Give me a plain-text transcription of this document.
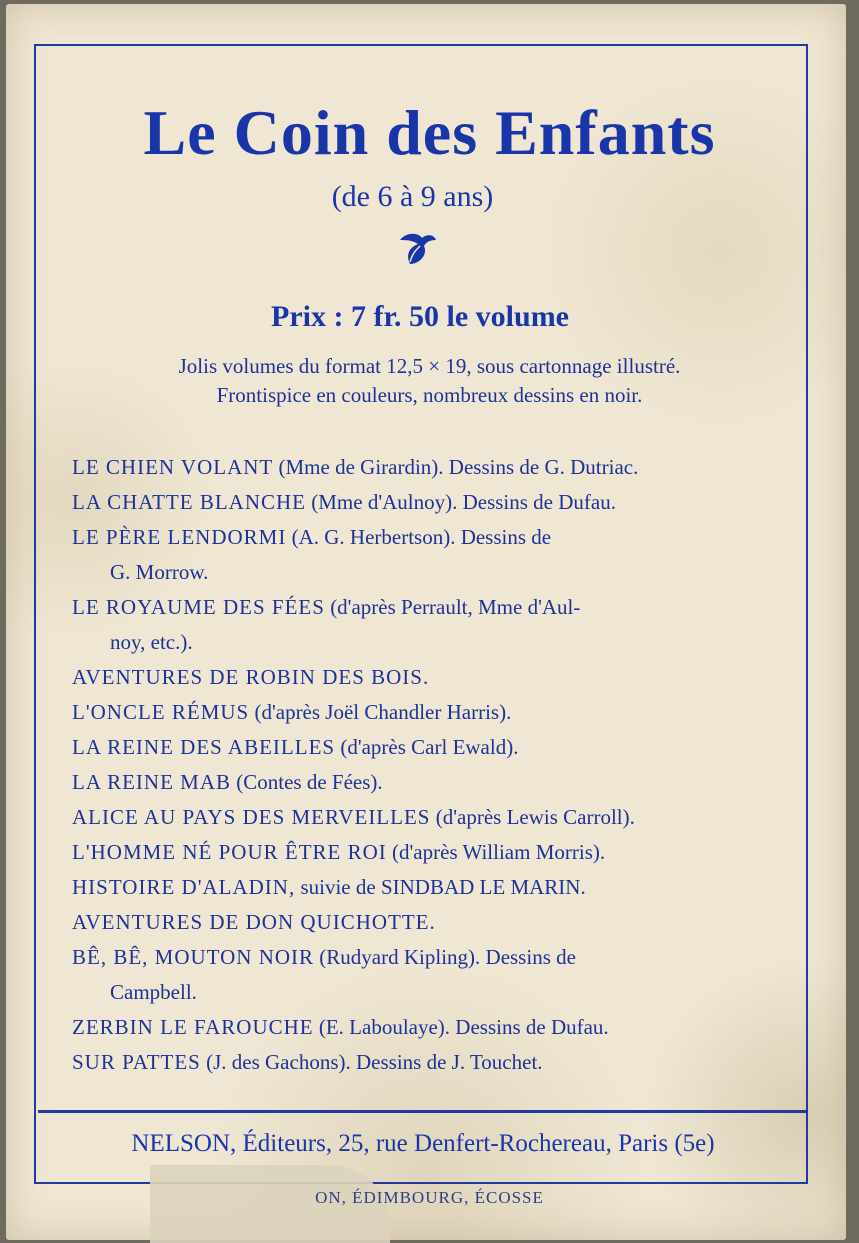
Le Coin des Enfants
(de 6 à 9 ans)
Prix : 7 fr. 50 le volume
Jolis volumes du format 12,5 × 19, sous cartonnage illustré.
Frontispice en couleurs, nombreux dessins en noir.
LE CHIEN VOLANT (Mme de Girardin). Dessins de G. Dutriac.
LA CHATTE BLANCHE (Mme d'Aulnoy). Dessins de Dufau.
LE PÈRE LENDORMI (A. G. Herbertson). Dessins de
G. Morrow.
LE ROYAUME DES FÉES (d'après Perrault, Mme d'Aul-
noy, etc.).
AVENTURES DE ROBIN DES BOIS.
L'ONCLE RÉMUS (d'après Joël Chandler Harris).
LA REINE DES ABEILLES (d'après Carl Ewald).
LA REINE MAB (Contes de Fées).
ALICE AU PAYS DES MERVEILLES (d'après Lewis Carroll).
L'HOMME NÉ POUR ÊTRE ROI (d'après William Morris).
HISTOIRE D'ALADIN, suivie de SINDBAD LE MARIN.
AVENTURES DE DON QUICHOTTE.
BÊ, BÊ, MOUTON NOIR (Rudyard Kipling). Dessins de
Campbell.
ZERBIN LE FAROUCHE (E. Laboulaye). Dessins de Dufau.
SUR PATTES (J. des Gachons). Dessins de J. Touchet.
NELSON, Éditeurs, 25, rue Denfert-Rochereau, Paris (5e)
ON, ÉDIMBOURG, ÉCOSSE
